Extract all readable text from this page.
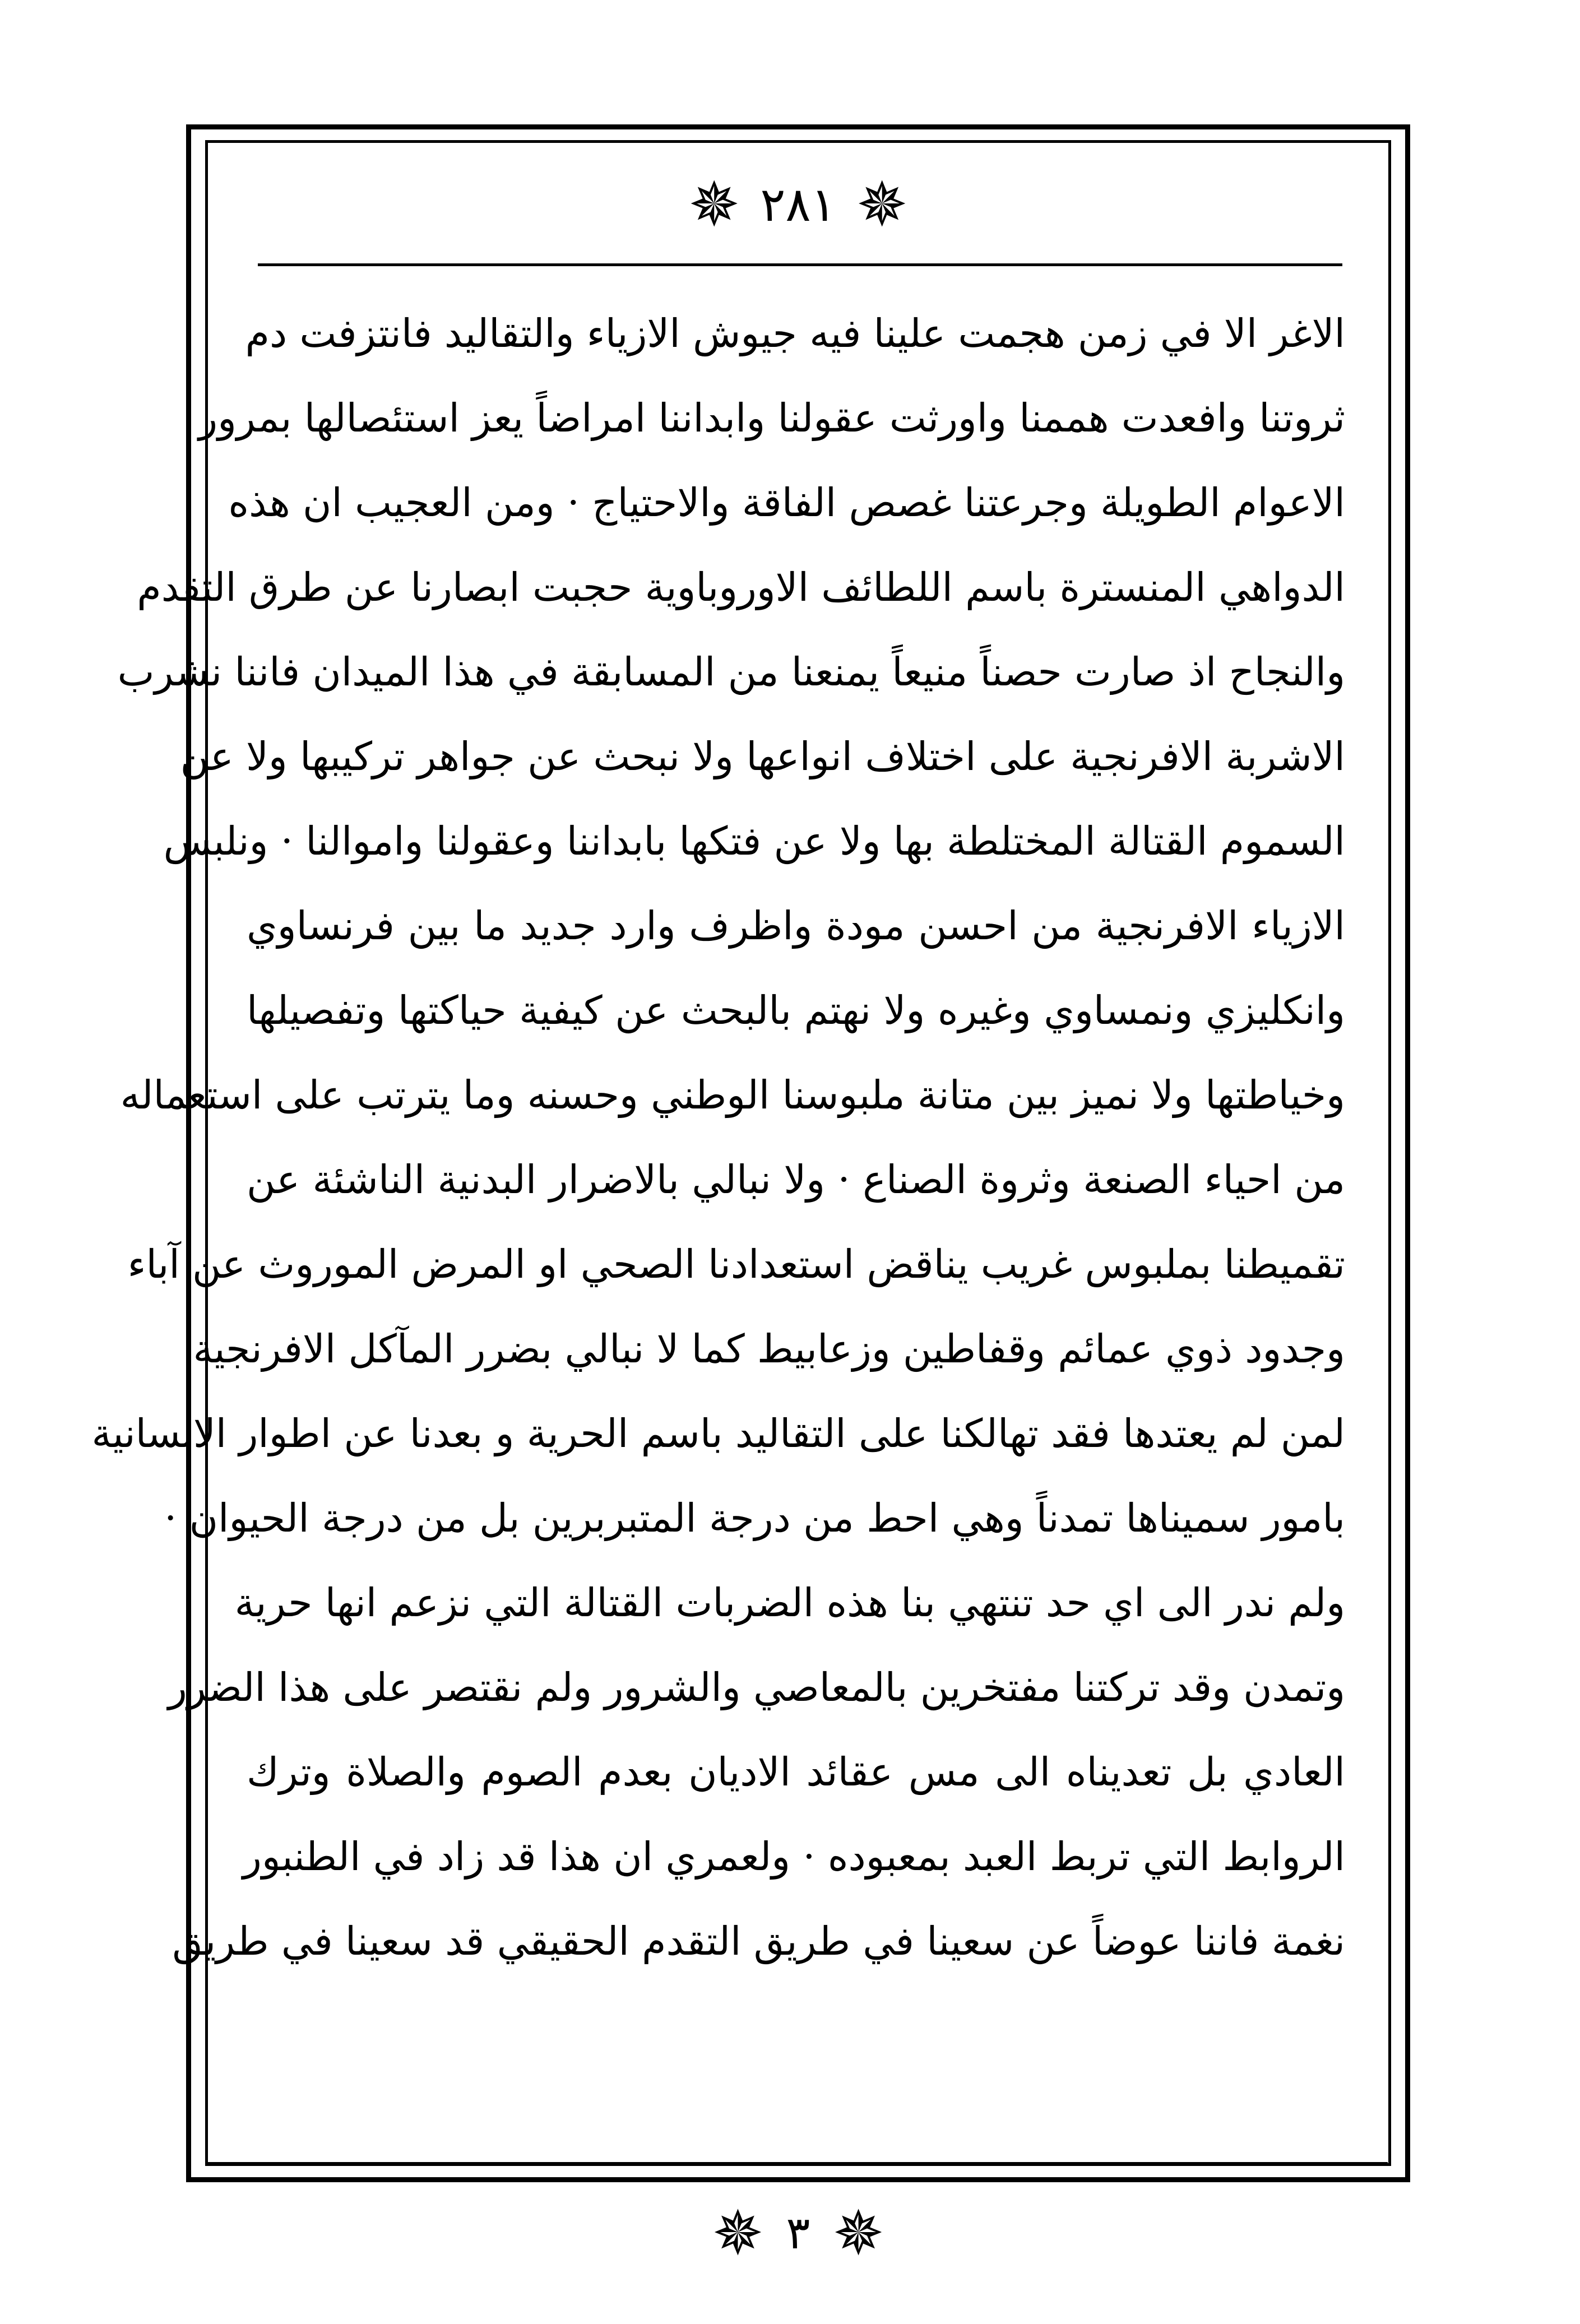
✵ ٢٨١ ✵
الاغر الا في زمن هجمت علينا فيه جيوش الازياء والتقاليد فانتزفت دم
ثروتنا وافعدت هممنا واورثت عقولنا وابداننا امراضاً يعز استئصالها بمرور
الاعوام الطويلة وجرعتنا غصص الفاقة والاحتياج · ومن العجيب ان هذه
الدواهي المنسترة باسم اللطائف الاوروباوية حجبت ابصارنا عن طرق التقدم
والنجاح اذ صارت حصناً منيعاً يمنعنا من المسابقة في هذا الميدان فاننا نشرب
الاشربة الافرنجية على اختلاف انواعها ولا نبحث عن جواهر تركيبها ولا عن
السموم القتالة المختلطة بها ولا عن فتكها بابداننا وعقولنا واموالنا · ونلبس
الازياء الافرنجية من احسن مودة واظرف وارد جديد ما بين فرنساوي
وانكليزي ونمساوي وغيره ولا نهتم بالبحث عن كيفية حياكتها وتفصيلها
وخياطتها ولا نميز بين متانة ملبوسنا الوطني وحسنه وما يترتب على استعماله
من احياء الصنعة وثروة الصناع · ولا نبالي بالاضرار البدنية الناشئة عن
تقميطنا بملبوس غريب يناقض استعدادنا الصحي او المرض الموروث عن آباء
وجدود ذوي عمائم وقفاطين وزعابيط كما لا نبالي بضرر المآكل الافرنجية
لمن لم يعتدها فقد تهالكنا على التقاليد باسم الحرية و بعدنا عن اطوار الانسانية
بامور سميناها تمدناً وهي احط من درجة المتبربرين بل من درجة الحيوان ·
ولم ندر الى اي حد تنتهي بنا هذه الضربات القتالة التي نزعم انها حرية
وتمدن وقد تركتنا مفتخرين بالمعاصي والشرور ولم نقتصر على هذا الضرر
العادي بل تعديناه الى مس عقائد الاديان بعدم الصوم والصلاة وترك
الروابط التي تربط العبد بمعبوده · ولعمري ان هذا قد زاد في الطنبور
نغمة فاننا عوضاً عن سعينا في طريق التقدم الحقيقي قد سعينا في طريق
✵ ٣ ✵
